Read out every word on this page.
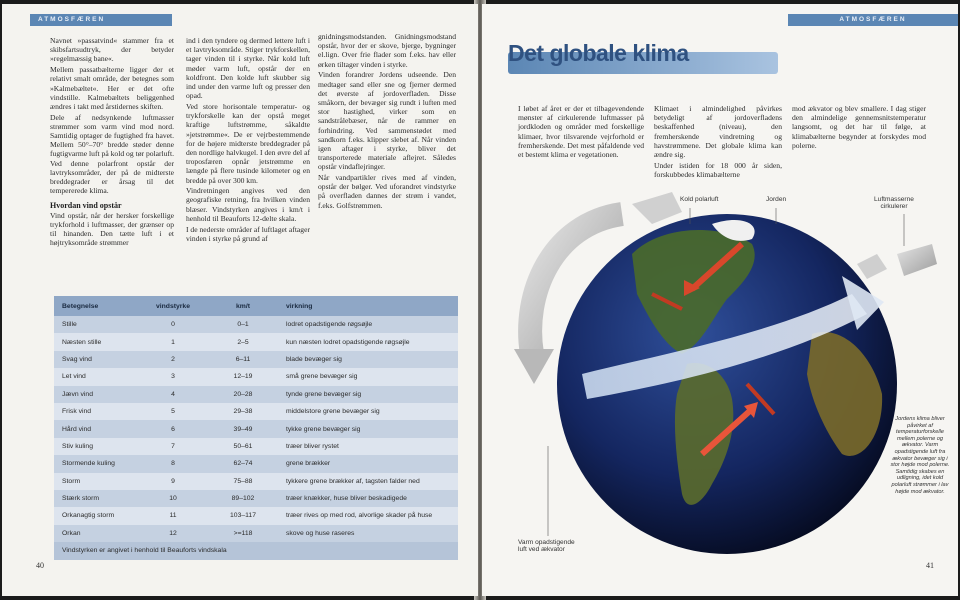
ATMOSFÆREN

Navnet »passatvind« stammer fra et skibsfartsudtryk, der betyder »regelmæssig bane«.

Mellem passatbælterne ligger der et relativt smalt område, der betegnes som »Kalmebæltet«. Her er det ofte vindstille. Kalmebæltets beliggenhed ændres i takt med årstidernes skiften.

Dele af nedsynkende luftmasser strømmer som varm vind mod nord. Samtidig optager de fugtighed fra havet. Mellem 50°–70° bredde støder denne fugtigvarme luft på kold og tør polarluft. Ved denne polarfront opstår der lavtryksområder, der på de midterste breddegrader er årsag til det tempererede klima.

Hvordan vind opstår

Vind opstår, når der hersker forskellige trykforhold i luftmasser, der grænser op til hinanden. Den tætte luft i et højtryksområde strømmer

ind i den tyndere og dermed lettere luft i et lavtryksområde. Stiger trykforskellen, tager vinden til i styrke. Når kold luft møder varm luft, opstår der en koldfront. Den kolde luft skubber sig ind under den varme luft og presser den opad.

Ved store horisontale temperatur- og trykforskelle kan der opstå meget kraftige luftstrømme, såkaldte »jetstrømme«. De er vejrbestemmende for de højere midterste breddegrader på den nordlige halvkugel. I den øvre del af troposfæren opnår jetstrømme en længde på flere tusinde kilometer og en bredde på over 300 km.

Vindretningen angives ved den geografiske retning, fra hvilken vinden blæser. Vindstyrken angives i km/t i henhold til Beauforts 12-delte skala.

I de nederste områder af luftlaget aftager vinden i styrke på grund af

gnidningsmodstanden. Gnidningsmodstand opstår, hvor der er skove, bjerge, bygninger el.lign. Over frie flader som f.eks. hav eller ørken tiltager vinden i styrke.

Vinden forandrer Jordens udseende. Den medtager sand eller sne og fjerner dermed det øverste af jordoverfladen. Disse småkorn, der bevæger sig rundt i luften med stor hastighed, virker som en sandstrålebæser, når de rammer en forhindring. Ved sammenstødet med sandkorn f.eks. klipper slebet af. Når vinden igen aftager i styrke, bliver det transporterede materiale aflejret. Således opstår vindaflejringer.

Når vandpartikler rives med af vinden, opstår der bølger. Ved uforandret vindstyrke på overfladen dannes der strøm i vandet, f.eks. Golfstrømmen.

Betegnelse	vindstyrke	km/t	virkning
Stille	0	0–1	lodret opadstigende røgsøjle
Næsten stille	1	2–5	kun næsten lodret opadstigende røgsøjle
Svag vind	2	6–11	blade bevæger sig
Let vind	3	12–19	små grene bevæger sig
Jævn vind	4	20–28	tynde grene bevæger sig
Frisk vind	5	29–38	middelstore grene bevæger sig
Hård vind	6	39–49	tykke grene bevæger sig
Stiv kuling	7	50–61	træer bliver rystet
Stormende kuling	8	62–74	grene brækker
Storm	9	75–88	tykkere grene brækker af, tagsten falder ned
Stærk storm	10	89–102	træer knækker, huse bliver beskadigede
Orkanagtig storm	11	103–117	træer rives op med rod, alvorlige skader på huse
Orkan	12	>=118	skove og huse raseres
Vindstyrken er angivet i henhold til Beauforts vindskala
40
ATMOSFÆREN
Det globale klima

I løbet af året er der et tilbagevendende mønster af cirkulerende luftmasser på jordkloden og områder med forskellige klimaer, hvor tilsvarende vejrforhold er fremherskende. Det mest påfaldende ved et bestemt klima er vegetationen.

Klimaet i almindelighed påvirkes betydeligt af jordoverfladens beskaffenhed (niveau), den fremherskende vindretning og havstrømmene. Det globale klima kan ændre sig.

Under istiden for 18 000 år siden, forskubbedes klimabælterne

mod ækvator og blev smallere. I dag stiger den almindelige gennemsnitstemperatur langsomt, og det har til følge, at klimabælterne begynder at forskydes mod polerne.

Kold polarluft	Jorden	Luftmasserne
cirkulerer
Varm opadstigende
luft ved ækvator
Jordens klima bliver påvirket af temperaturforskelle mellem polerne og ækvator. Varm opadstigende luft fra ækvator bevæger sig i stor højde mod polerne. Samtidig skabes en udligning, idet kold polarluft strømmer i lav højde mod ækvator.
41
